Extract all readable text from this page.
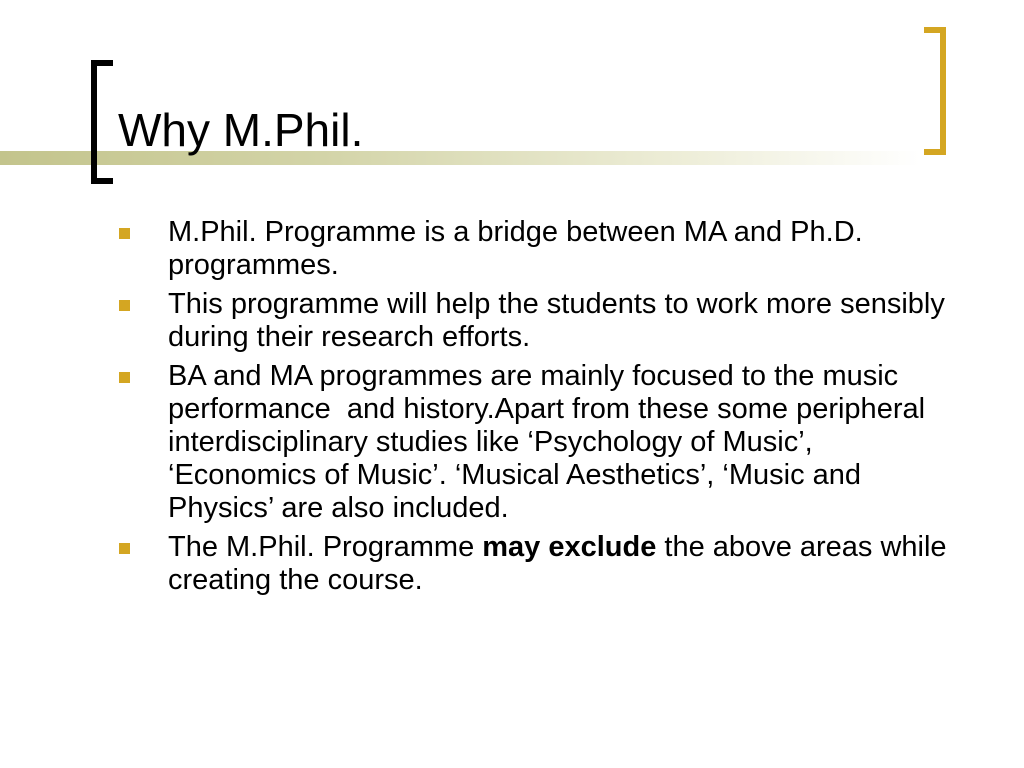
Why M.Phil.
M.Phil. Programme is a bridge between MA and Ph.D. programmes.
This programme will help the students to work more sensibly during their research efforts.
BA and MA programmes are mainly focused to the music performance  and history.Apart from these some peripheral interdisciplinary studies like ‘Psychology of Music’, ‘Economics of Music’. ‘Musical Aesthetics’, ‘Music and Physics’ are also included.
The M.Phil. Programme may exclude the above areas while creating the course.
